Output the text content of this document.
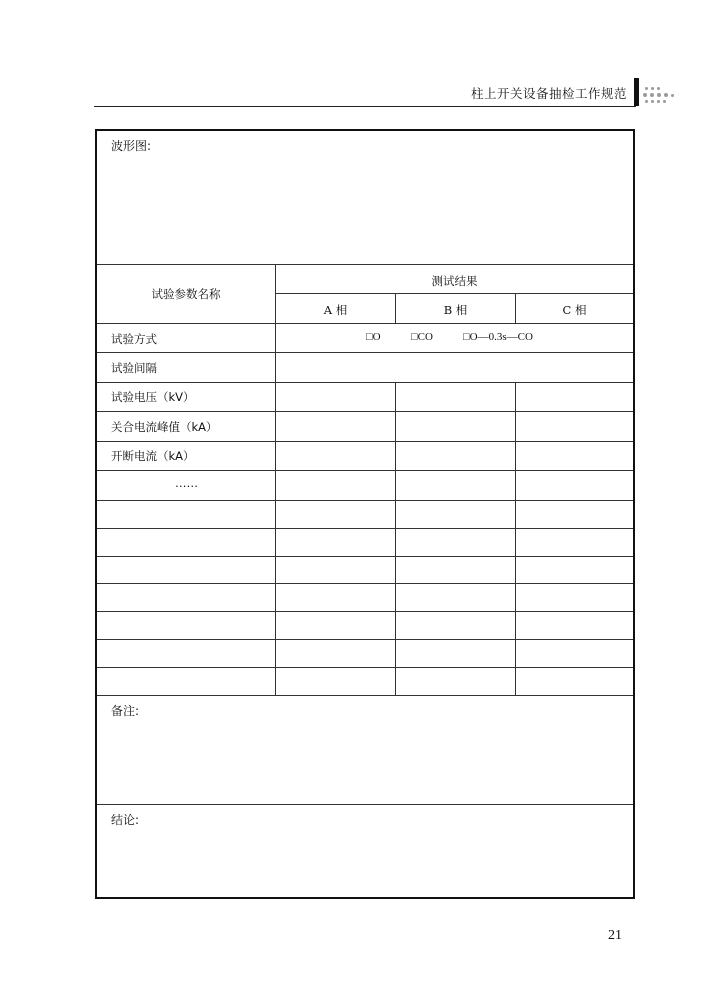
柱上开关设备抽检工作规范
波形图:
试验参数名称
测试结果
A 相	B 相	C 相
试验方式	□O	□CO	□O—0.3s—CO
试验间隔
试验电压（kV）
关合电流峰值（kA）
开断电流（kA）
……
备注:
结论:
21
